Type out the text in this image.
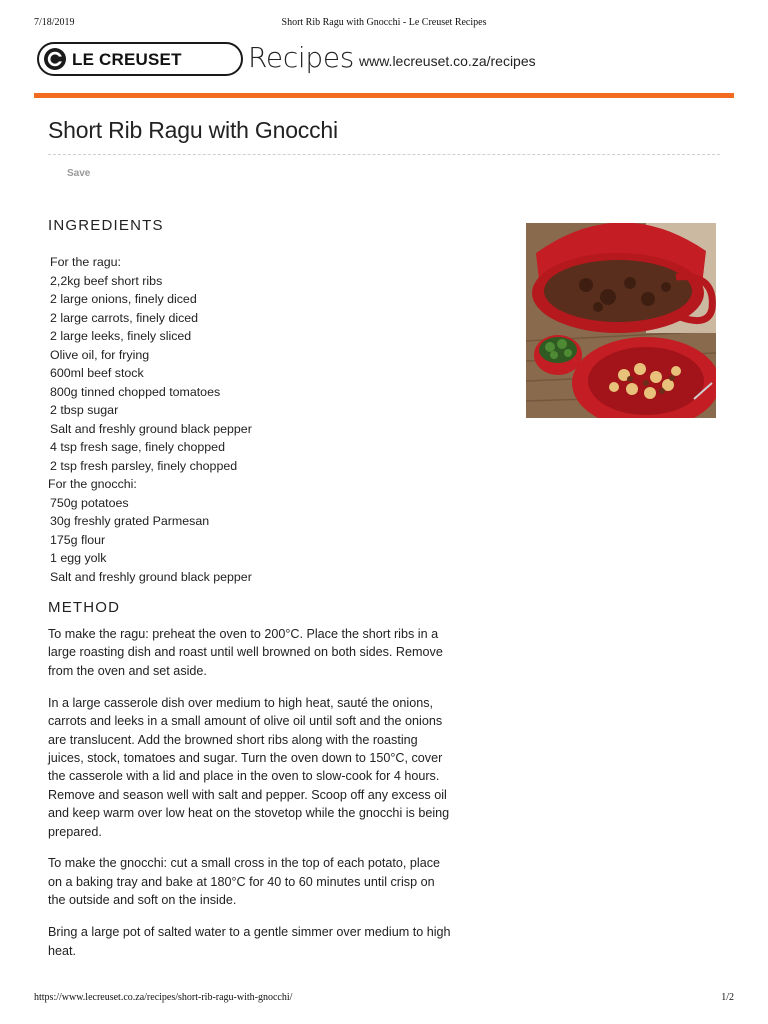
7/18/2019	Short Rib Ragu with Gnocchi - Le Creuset Recipes
LE CREUSET Recipes www.lecreuset.co.za/recipes
Short Rib Ragu with Gnocchi
Save
INGREDIENTS
For the ragu:
2,2kg beef short ribs
2 large onions, finely diced
2 large carrots, finely diced
2 large leeks, finely sliced
Olive oil, for frying
600ml beef stock
800g tinned chopped tomatoes
2 tbsp sugar
Salt and freshly ground black pepper
4 tsp fresh sage, finely chopped
2 tsp fresh parsley, finely chopped
For the gnocchi:
750g potatoes
30g freshly grated Parmesan
175g flour
1 egg yolk
Salt and freshly ground black pepper
METHOD

To make the ragu: preheat the oven to 200°C. Place the short ribs in a large roasting dish and roast until well browned on both sides. Remove from the oven and set aside.

In a large casserole dish over medium to high heat, sauté the onions, carrots and leeks in a small amount of olive oil until soft and the onions are translucent. Add the browned short ribs along with the roasting juices, stock, tomatoes and sugar. Turn the oven down to 150°C, cover the casserole with a lid and place in the oven to slow-cook for 4 hours. Remove and season well with salt and pepper. Scoop off any excess oil and keep warm over low heat on the stovetop while the gnocchi is being prepared.

To make the gnocchi: cut a small cross in the top of each potato, place on a baking tray and bake at 180°C for 40 to 60 minutes until crisp on the outside and soft on the inside.

Bring a large pot of salted water to a gentle simmer over medium to high heat.

https://www.lecreuset.co.za/recipes/short-rib-ragu-with-gnocchi/	1/2
